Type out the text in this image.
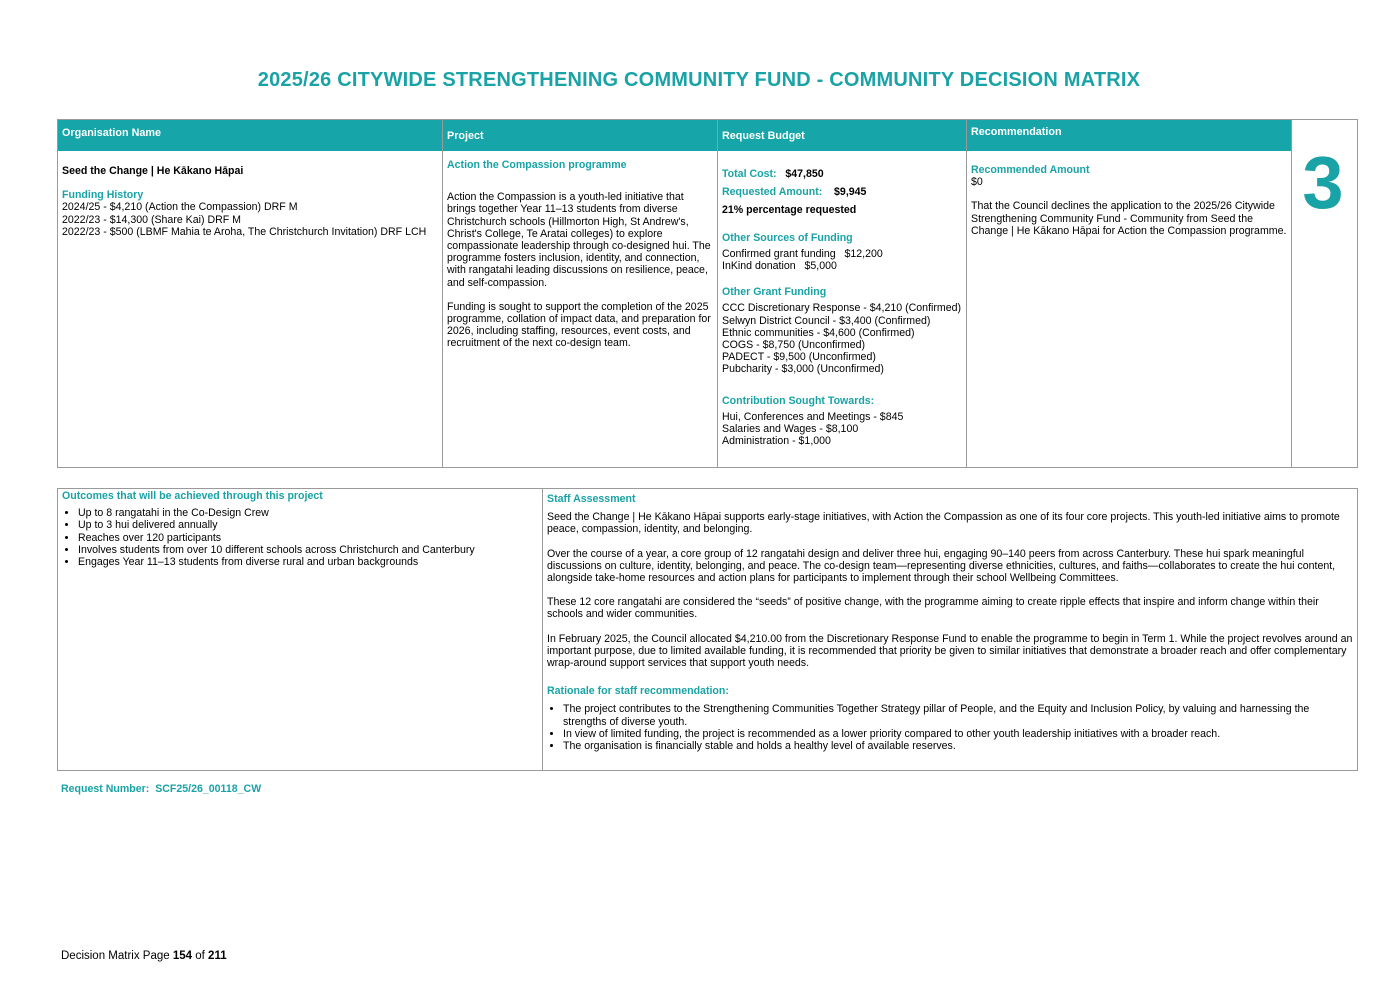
2025/26 CITYWIDE STRENGTHENING COMMUNITY FUND - COMMUNITY DECISION MATRIX
Organisation Name

Seed the Change | He Kākano Hāpai

Funding History

2024/25 - $4,210 (Action the Compassion) DRF M

2022/23 - $14,300 (Share Kai) DRF M

2022/23 - $500 (LBMF Mahia te Aroha, The Christchurch Invitation) DRF LCH

Project

Action the Compassion programme

Action the Compassion is a youth-led initiative that brings together Year 11–13 students from diverse Christchurch schools (Hillmorton High, St Andrew's, Christ's College, Te Aratai colleges) to explore compassionate leadership through co-designed hui. The programme fosters inclusion, identity, and connection, with rangatahi leading discussions on resilience, peace, and self-compassion.

Funding is sought to support the completion of the 2025 programme, collation of impact data, and preparation for 2026, including staffing, resources, event costs, and recruitment of the next co-design team.

Request Budget

Total Cost: $47,850

Requested Amount: $9,945

21% percentage requested

Other Sources of Funding

Confirmed grant funding $12,200

InKind donation $5,000

Other Grant Funding

CCC Discretionary Response - $4,210 (Confirmed)

Selwyn District Council - $3,400 (Confirmed)

Ethnic communities - $4,600 (Confirmed)

COGS - $8,750 (Unconfirmed)

PADECT - $9,500 (Unconfirmed)

Pubcharity - $3,000 (Unconfirmed)

Contribution Sought Towards:

Hui, Conferences and Meetings - $845

Salaries and Wages - $8,100

Administration - $1,000

Recommendation

Recommended Amount

$0

That the Council declines the application to the 2025/26 Citywide Strengthening Community Fund - Community from Seed the Change | He Kākano Hāpai for Action the Compassion programme.

3

Outcomes that will be achieved through this project

• Up to 8 rangatahi in the Co-Design Crew
• Up to 3 hui delivered annually
• Reaches over 120 participants
• Involves students from over 10 different schools across Christchurch and Canterbury
• Engages Year 11–13 students from diverse rural and urban backgrounds

Staff Assessment

Seed the Change | He Kākano Hāpai supports early-stage initiatives, with Action the Compassion as one of its four core projects. This youth-led initiative aims to promote peace, compassion, identity, and belonging.

Over the course of a year, a core group of 12 rangatahi design and deliver three hui, engaging 90–140 peers from across Canterbury. These hui spark meaningful discussions on culture, identity, belonging, and peace. The co-design team—representing diverse ethnicities, cultures, and faiths—collaborates to create the hui content, alongside take-home resources and action plans for participants to implement through their school Wellbeing Committees.

These 12 core rangatahi are considered the “seeds” of positive change, with the programme aiming to create ripple effects that inspire and inform change within their schools and wider communities.

In February 2025, the Council allocated $4,210.00 from the Discretionary Response Fund to enable the programme to begin in Term 1. While the project revolves around an important purpose, due to limited available funding, it is recommended that priority be given to similar initiatives that demonstrate a broader reach and offer complementary wrap-around support services that support youth needs.

Rationale for staff recommendation:

• The project contributes to the Strengthening Communities Together Strategy pillar of People, and the Equity and Inclusion Policy, by valuing and harnessing the strengths of diverse youth.
• In view of limited funding, the project is recommended as a lower priority compared to other youth leadership initiatives with a broader reach.
• The organisation is financially stable and holds a healthy level of available reserves.
Request Number: SCF25/26_00118_CW
Decision Matrix Page 154 of 211
